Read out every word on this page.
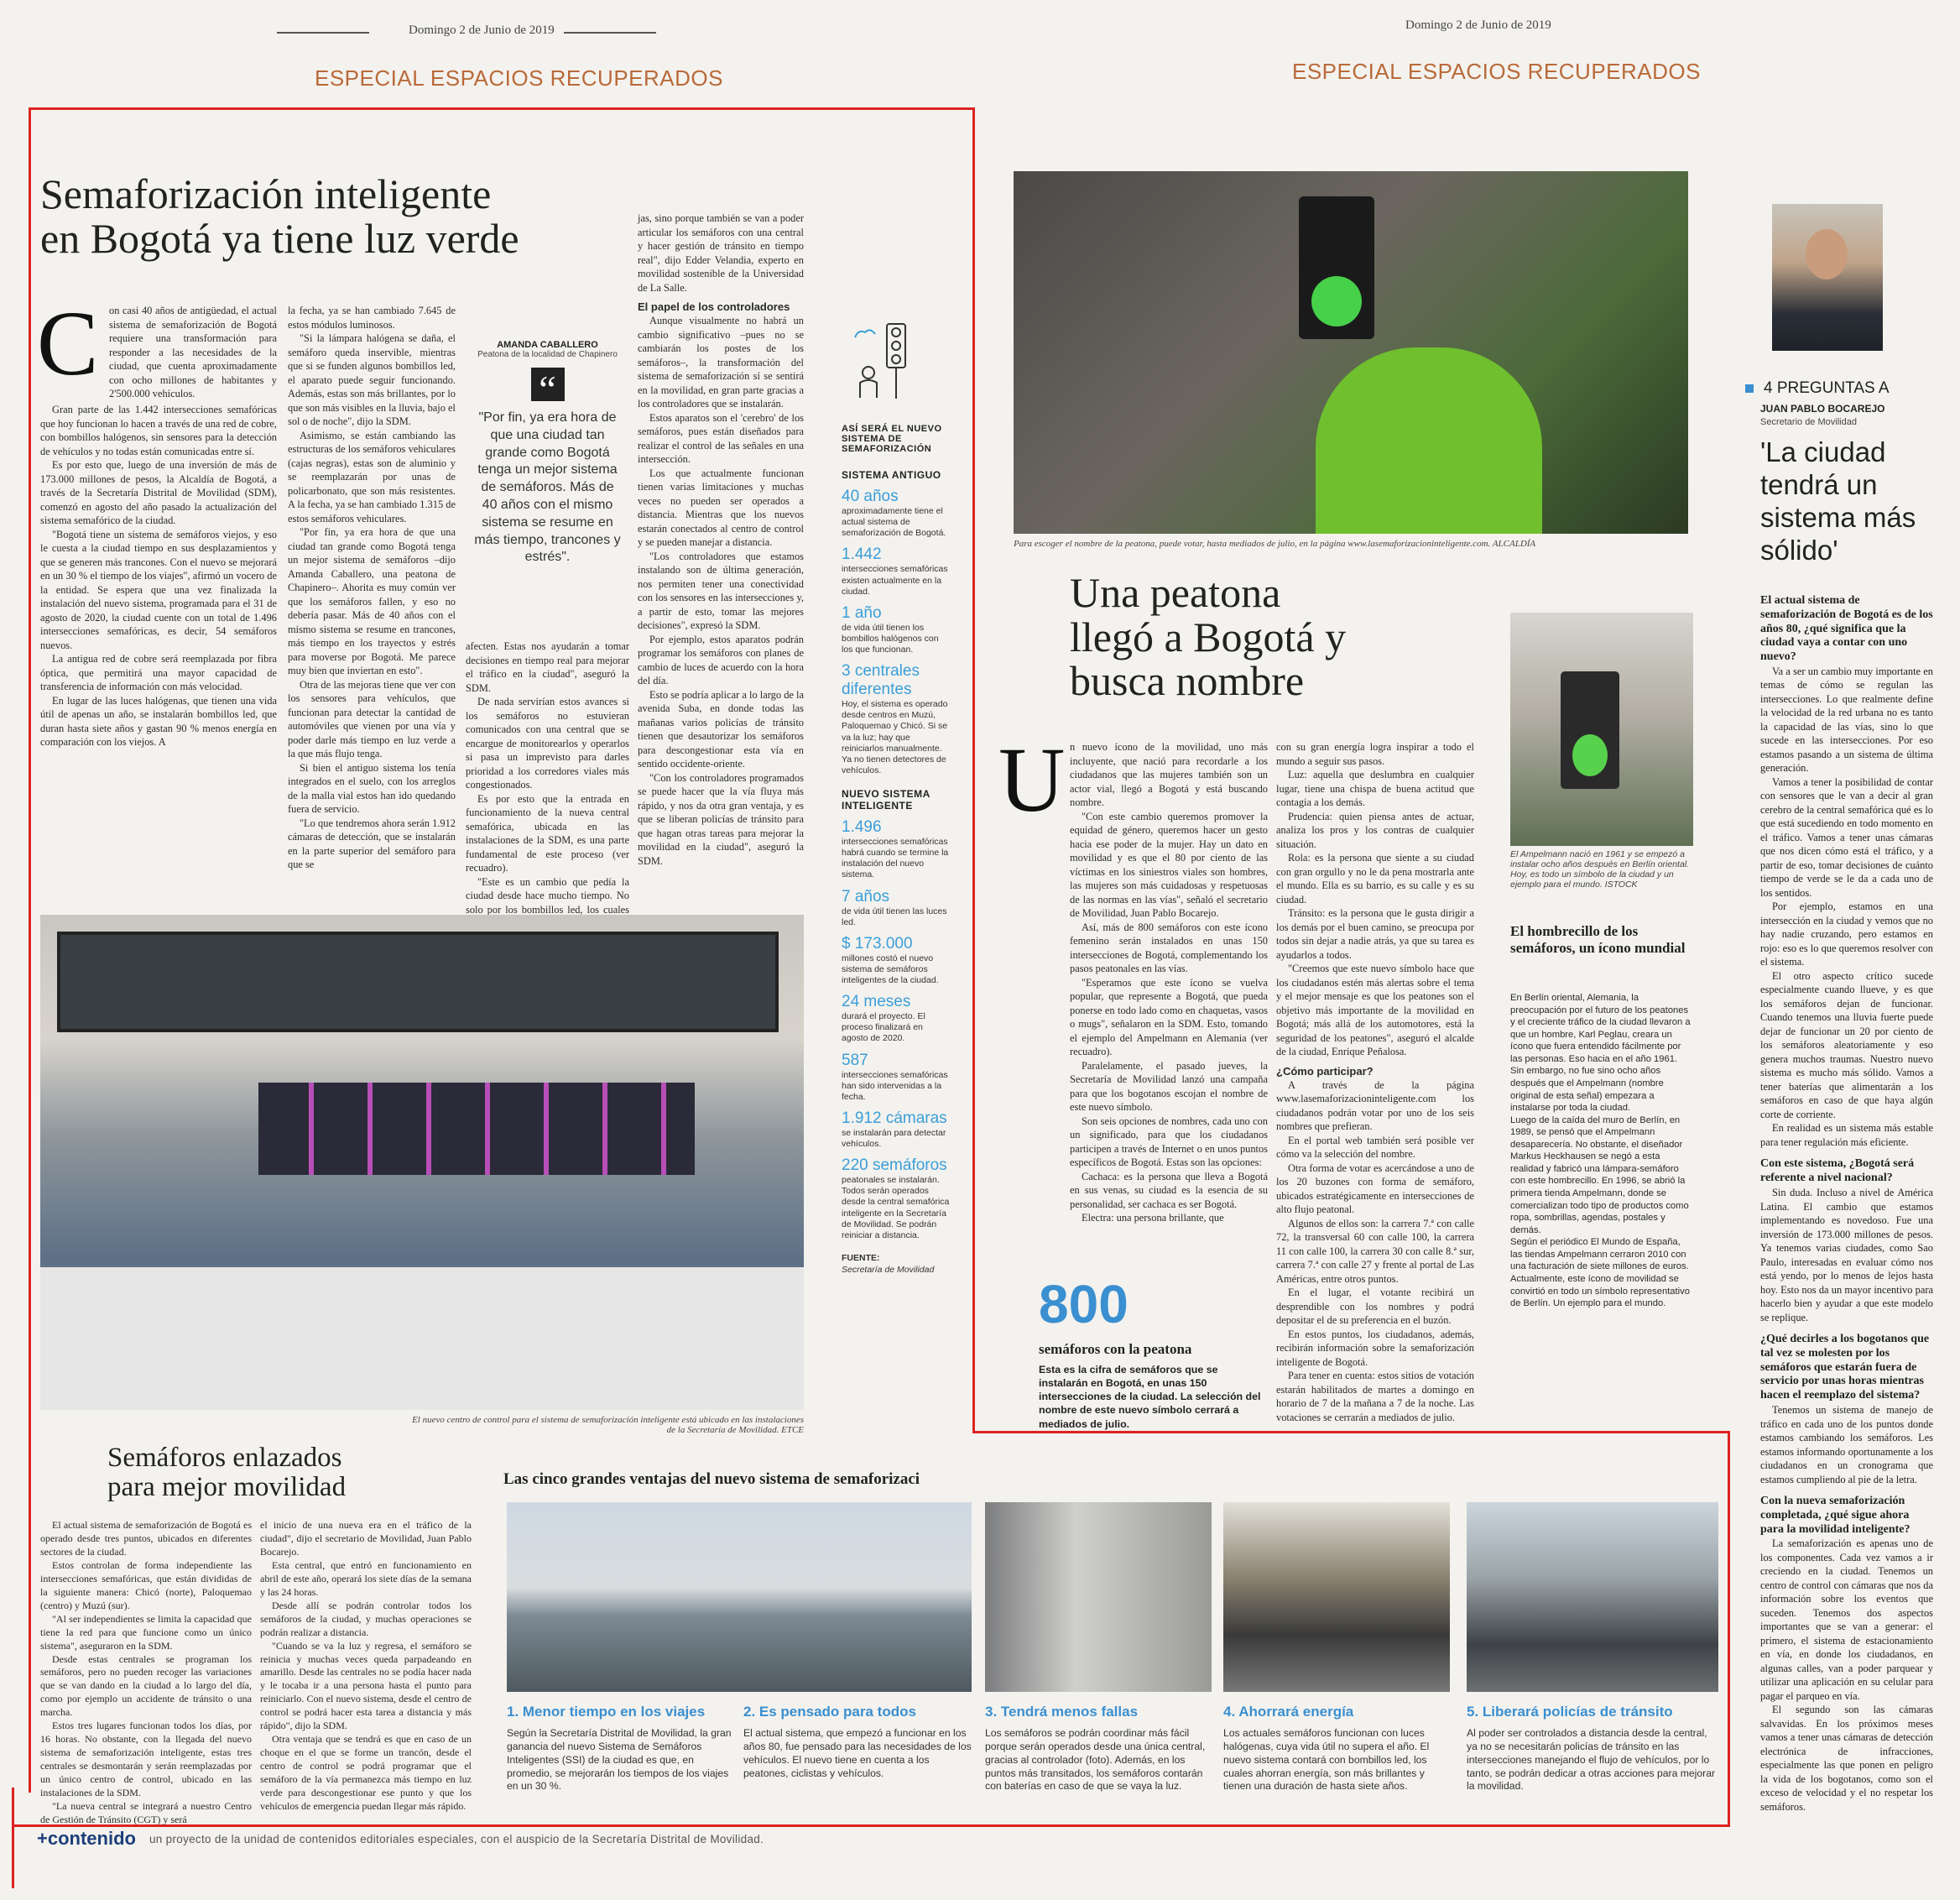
Domingo 2 de Junio de 2019
ESPECIAL ESPACIOS RECUPERADOS
Semaforización inteligente
en Bogotá ya tiene luz verde
C on casi 40 años de antigüedad, el actual sistema de semaforización de Bogotá requiere una transformación para responder a las necesidades de la ciudad, que cuenta aproximadamente con ocho millones de habitantes y 2'500.000 vehículos.

Gran parte de las 1.442 intersecciones semafóricas que hoy funcionan lo hacen a través de una red de cobre, con bombillos halógenos, sin sensores para la detección de vehículos y no todas están comunicadas entre sí.

Es por esto que, luego de una inversión de más de 173.000 millones de pesos, la Alcaldía de Bogotá, a través de la Secretaría Distrital de Movilidad (SDM), comenzó en agosto del año pasado la actualización del sistema semafórico de la ciudad.

"Bogotá tiene un sistema de semáforos viejos, y eso le cuesta a la ciudad tiempo en sus desplazamientos y que se generen más trancones. Con el nuevo se mejorará en un 30 % el tiempo de los viajes", afirmó un vocero de la entidad. Se espera que una vez finalizada la instalación del nuevo sistema, programada para el 31 de agosto de 2020, la ciudad cuente con un total de 1.496 intersecciones semafóricas, es decir, 54 semáforos nuevos.

La antigua red de cobre será reemplazada por fibra óptica, que permitirá una mayor capacidad de transferencia de información con más velocidad.

En lugar de las luces halógenas, que tienen una vida útil de apenas un año, se instalarán bombillos led, que duran hasta siete años y gastan 90 % menos energía en comparación con los viejos. A

la fecha, ya se han cambiado 7.645 de estos módulos luminosos.

"Si la lámpara halógena se daña, el semáforo queda inservible, mientras que si se funden algunos bombillos led, el aparato puede seguir funcionando. Además, estas son más brillantes, por lo que son más visibles en la lluvia, bajo el sol o de noche", dijo la SDM.

Asimismo, se están cambiando las estructuras de los semáforos vehiculares (cajas negras), estas son de aluminio y se reemplazarán por unas de policarbonato, que son más resistentes. A la fecha, ya se han cambiado 1.315 de estos semáforos vehiculares.

"Por fin, ya era hora de que una ciudad tan grande como Bogotá tenga un mejor sistema de semáforos –dijo Amanda Caballero, una peatona de Chapinero–. Ahorita es muy común ver que los semáforos fallen, y eso no debería pasar. Más de 40 años con el mismo sistema se resume en trancones, más tiempo en los trayectos y estrés para moverse por Bogotá. Me parece muy bien que inviertan en esto".

Otra de las mejoras tiene que ver con los sensores para vehículos, que funcionan para detectar la cantidad de automóviles que vienen por una vía y poder darle más tiempo en luz verde a la que más flujo tenga.

Si bien el antiguo sistema los tenía integrados en el suelo, con los arreglos de la malla vial estos han ido quedando fuera de servicio.

"Lo que tendremos ahora serán 1.912 cámaras de detección, que se instalarán en la parte superior del semáforo para que se

AMANDA CABALLERO
Peatona de la localidad de Chapinero
“
"Por fin, ya era hora de que una ciudad tan grande como Bogotá tenga un mejor sistema de semáforos. Más de 40 años con el mismo sistema se resume en más tiempo, trancones y estrés".

afecten. Estas nos ayudarán a tomar decisiones en tiempo real para mejorar el tráfico en la ciudad", aseguró la SDM.

De nada servirían estos avances si los semáforos no estuvieran comunicados con una central que se encargue de monitorearlos y operarlos si pasa un imprevisto para darles prioridad a los corredores viales más congestionados.

Es por esto que la entrada en funcionamiento de la nueva central semafórica, ubicada en las instalaciones de la SDM, es una parte fundamental de este proceso (ver recuadro).

"Este es un cambio que pedía la ciudad desde hace mucho tiempo. No solo por los bombillos led, los cuales

jas, sino porque también se van a poder articular los semáforos con una central y hacer gestión de tránsito en tiempo real", dijo Edder Velandia, experto en movilidad sostenible de la Universidad de La Salle.

El papel de los controladores

Aunque visualmente no habrá un cambio significativo –pues no se cambiarán los postes de los semáforos–, la transformación del sistema de semaforización sí se sentirá en la movilidad, en gran parte gracias a los controladores que se instalarán.

Estos aparatos son el 'cerebro' de los semáforos, pues están diseñados para realizar el control de las señales en una intersección.

Los que actualmente funcionan tienen varias limitaciones y muchas veces no pueden ser operados a distancia. Mientras que los nuevos estarán conectados al centro de control y se pueden manejar a distancia.

"Los controladores que estamos instalando son de última generación, nos permiten tener una conectividad con los sensores en las intersecciones y, a partir de esto, tomar las mejores decisiones", expresó la SDM.

Por ejemplo, estos aparatos podrán programar los semáforos con planes de cambio de luces de acuerdo con la hora del día.

Esto se podría aplicar a lo largo de la avenida Suba, en donde todas las mañanas varios policías de tránsito tienen que desautorizar los semáforos para descongestionar esta vía en sentido occidente-oriente.

"Con los controladores programados se puede hacer que la vía fluya más rápido, y nos da otra gran ventaja, y es que se liberan policías de tránsito para que hagan otras tareas para mejorar la movilidad en la ciudad", aseguró la SDM.

El nuevo centro de control para el sistema de semaforización inteligente está ubicado en las instalaciones de la Secretaría de Movilidad. ETCE
ASÍ SERÁ EL NUEVO SISTEMA DE SEMAFORIZACIÓN
SISTEMA ANTIGUO
40 años
aproximadamente tiene el actual sistema de semaforización de Bogotá.
1.442
intersecciones semafóricas existen actualmente en la ciudad.
1 año
de vida útil tienen los bombillos halógenos con los que funcionan.
3 centrales diferentes
Hoy, el sistema es operado desde centros en Muzú, Paloquemao y Chicó. Si se va la luz; hay que reiniciarlos manualmente. Ya no tienen detectores de vehículos.
NUEVO SISTEMA INTELIGENTE
1.496
intersecciones semafóricas habrá cuando se termine la instalación del nuevo sistema.
7 años
de vida útil tienen las luces led.
$ 173.000
millones costó el nuevo sistema de semáforos inteligentes de la ciudad.
24 meses
durará el proyecto. El proceso finalizará en agosto de 2020.
587
intersecciones semafóricas han sido intervenidas a la fecha.
1.912 cámaras
se instalarán para detectar vehículos.
220 semáforos
peatonales se instalarán. Todos serán operados desde la central semafórica inteligente en la Secretaría de Movilidad. Se podrán reiniciar a distancia.
FUENTE:
Secretaría de Movilidad
Semáforos enlazados
para mejor movilidad

El actual sistema de semaforización de Bogotá es operado desde tres puntos, ubicados en diferentes sectores de la ciudad.

Estos controlan de forma independiente las intersecciones semafóricas, que están divididas de la siguiente manera: Chicó (norte), Paloquemao (centro) y Muzú (sur).

"Al ser independientes se limita la capacidad que tiene la red para que funcione como un único sistema", aseguraron en la SDM.

Desde estas centrales se programan los semáforos, pero no pueden recoger las variaciones que se van dando en la ciudad a lo largo del día, como por ejemplo un accidente de tránsito o una marcha.

Estos tres lugares funcionan todos los días, por 16 horas. No obstante, con la llegada del nuevo sistema de semaforización inteligente, estas tres centrales se desmontarán y serán reemplazadas por un único centro de control, ubicado en las instalaciones de la SDM.

"La nueva central se integrará a nuestro Centro de Gestión de Tránsito (CGT) y será

el inicio de una nueva era en el tráfico de la ciudad", dijo el secretario de Movilidad, Juan Pablo Bocarejo.

Esta central, que entró en funcionamiento en abril de este año, operará los siete días de la semana y las 24 horas.

Desde allí se podrán controlar todos los semáforos de la ciudad, y muchas operaciones se podrán realizar a distancia.

"Cuando se va la luz y regresa, el semáforo se reinicia y muchas veces queda parpadeando en amarillo. Desde las centrales no se podía hacer nada y le tocaba ir a una persona hasta el punto para reiniciarlo. Con el nuevo sistema, desde el centro de control se podrá hacer esta tarea a distancia y más rápido", dijo la SDM.

Otra ventaja que se tendrá es que en caso de un choque en el que se forme un trancón, desde el centro de control se podrá programar que el semáforo de la vía permanezca más tiempo en luz verde para descongestionar ese punto y que los vehículos de emergencia puedan llegar más rápido.

+contenido un proyecto de la unidad de contenidos editoriales especiales, con el auspicio de la Secretaría Distrital de Movilidad.
Las cinco grandes ventajas del nuevo sistema de semaforizaci
1. Menor tiempo en los viajes
Según la Secretaría Distrital de Movilidad, la gran ganancia del nuevo Sistema de Semáforos Inteligentes (SSI) de la ciudad es que, en promedio, se mejorarán los tiempos de los viajes en un 30 %.
2. Es pensado para todos
El actual sistema, que empezó a funcionar en los años 80, fue pensado para las necesidades de los vehículos. El nuevo tiene en cuenta a los peatones, ciclistas y vehículos.
3. Tendrá menos fallas
Los semáforos se podrán coordinar más fácil porque serán operados desde una única central, gracias al controlador (foto). Además, en los puntos más transitados, los semáforos contarán con baterías en caso de que se vaya la luz.
4. Ahorrará energía
Los actuales semáforos funcionan con luces halógenas, cuya vida útil no supera el año. El nuevo sistema contará con bombillos led, los cuales ahorran energía, son más brillantes y tienen una duración de hasta siete años.
5. Liberará policías de tránsito
Al poder ser controlados a distancia desde la central, ya no se necesitarán policías de tránsito en las intersecciones manejando el flujo de vehículos, por lo tanto, se podrán dedicar a otras acciones para mejorar la movilidad.
Domingo 2 de Junio de 2019
ESPECIAL ESPACIOS RECUPERADOS
Para escoger el nombre de la peatona, puede votar, hasta mediados de julio, en la página www.lasemaforizacioninteligente.com. ALCALDÍA
Una peatona
llegó a Bogotá y
busca nombre
U n nuevo ícono de la movilidad, uno más incluyente, que nació para recordarle a los ciudadanos que las mujeres también son un actor vial, llegó a Bogotá y está buscando nombre.

"Con este cambio queremos promover la equidad de género, queremos hacer un gesto hacia ese poder de la mujer. Hay un dato en movilidad y es que el 80 por ciento de las víctimas en los siniestros viales son hombres, las mujeres son más cuidadosas y respetuosas de las normas en las vías", señaló el secretario de Movilidad, Juan Pablo Bocarejo.

Así, más de 800 semáforos con este ícono femenino serán instalados en unas 150 intersecciones de Bogotá, complementando los pasos peatonales en las vías.

"Esperamos que este ícono se vuelva popular, que represente a Bogotá, que pueda ponerse en todo lado como en chaquetas, vasos o mugs", señalaron en la SDM. Esto, tomando el ejemplo del Ampelmann en Alemania (ver recuadro).

Paralelamente, el pasado jueves, la Secretaría de Movilidad lanzó una campaña para que los bogotanos escojan el nombre de este nuevo símbolo.

Son seis opciones de nombres, cada uno con un significado, para que los ciudadanos participen a través de Internet o en unos puntos específicos de Bogotá. Estas son las opciones:

Cachaca: es la persona que lleva a Bogotá en sus venas, su ciudad es la esencia de su personalidad, ser cachaca es ser Bogotá.

Electra: una persona brillante, que

con su gran energía logra inspirar a todo el mundo a seguir sus pasos.

Luz: aquella que deslumbra en cualquier lugar, tiene una chispa de buena actitud que contagia a los demás.

Prudencia: quien piensa antes de actuar, analiza los pros y los contras de cualquier situación.

Rola: es la persona que siente a su ciudad con gran orgullo y no le da pena mostrarla ante el mundo. Ella es su barrio, es su calle y es su ciudad.

Tránsito: es la persona que le gusta dirigir a los demás por el buen camino, se preocupa por todos sin dejar a nadie atrás, ya que su tarea es ayudarlos a todos.

"Creemos que este nuevo símbolo hace que los ciudadanos estén más alertas sobre el tema y el mejor mensaje es que los peatones son el objetivo más importante de la movilidad en Bogotá; más allá de los automotores, está la seguridad de los peatones", aseguró el alcalde de la ciudad, Enrique Peñalosa.

¿Cómo participar?

A través de la página www.lasemaforizacioninteligente.com los ciudadanos podrán votar por uno de los seis nombres que prefieran.

En el portal web también será posible ver cómo va la selección del nombre.

Otra forma de votar es acercándose a uno de los 20 buzones con forma de semáforo, ubicados estratégicamente en intersecciones de alto flujo peatonal.

Algunos de ellos son: la carrera 7.ª con calle 72, la transversal 60 con calle 100, la carrera 11 con calle 100, la carrera 30 con calle 8.ª sur, carrera 7.ª con calle 27 y frente al portal de Las Américas, entre otros puntos.

En el lugar, el votante recibirá un desprendible con los nombres y podrá depositar el de su preferencia en el buzón.

En estos puntos, los ciudadanos, además, recibirán información sobre la semaforización inteligente de Bogotá.

Para tener en cuenta: estos sitios de votación estarán habilitados de martes a domingo en horario de 7 de la mañana a 7 de la noche. Las votaciones se cerrarán a mediados de julio.

800
semáforos con la peatona
Esta es la cifra de semáforos que se instalarán en Bogotá, en unas 150 intersecciones de la ciudad. La selección del nombre de este nuevo símbolo cerrará a mediados de julio.
El Ampelmann nació en 1961 y se empezó a instalar ocho años después en Berlín oriental. Hoy, es todo un símbolo de la ciudad y un ejemplo para el mundo. ISTOCK
El hombrecillo de los semáforos, un ícono mundial

En Berlín oriental, Alemania, la preocupación por el futuro de los peatones y el creciente tráfico de la ciudad llevaron a que un hombre, Karl Peglau, creara un ícono que fuera entendido fácilmente por las personas. Eso hacia en el año 1961. Sin embargo, no fue sino ocho años después que el Ampelmann (nombre original de esta señal) empezara a instalarse por toda la ciudad.

Luego de la caída del muro de Berlín, en 1989, se pensó que el Ampelmann desaparecería. No obstante, el diseñador Markus Heckhausen se negó a esta realidad y fabricó una lámpara-semáforo con este hombrecillo. En 1996, se abrió la primera tienda Ampelmann, donde se comercializan todo tipo de productos como ropa, sombrillas, agendas, postales y demás.

Según el periódico El Mundo de España, las tiendas Ampelmann cerraron 2010 con una facturación de siete millones de euros.

Actualmente, este ícono de movilidad se convirtió en todo un símbolo representativo de Berlín. Un ejemplo para el mundo.

4 PREGUNTAS A
JUAN PABLO BOCAREJO
Secretario de Movilidad
'La ciudad tendrá un sistema más sólido'
El actual sistema de semaforización de Bogotá es de los años 80, ¿qué significa que la ciudad vaya a contar con uno nuevo?

Va a ser un cambio muy importante en temas de cómo se regulan las intersecciones. Lo que realmente define la velocidad de la red urbana no es tanto la capacidad de las vías, sino lo que sucede en las intersecciones. Por eso estamos pasando a un sistema de última generación.

Vamos a tener la posibilidad de contar con sensores que le van a decir al gran cerebro de la central semafórica qué es lo que está sucediendo en todo momento en el tráfico. Vamos a tener unas cámaras que nos dicen cómo está el tráfico, y a partir de eso, tomar decisiones de cuánto tiempo de verde se le da a cada uno de los sentidos.

Por ejemplo, estamos en una intersección en la ciudad y vemos que no hay nadie cruzando, pero estamos en rojo: eso es lo que queremos resolver con el sistema.

El otro aspecto crítico sucede especialmente cuando llueve, y es que los semáforos dejan de funcionar. Cuando tenemos una lluvia fuerte puede dejar de funcionar un 20 por ciento de los semáforos aleatoriamente y eso genera muchos traumas. Nuestro nuevo sistema es mucho más sólido. Vamos a tener baterías que alimentarán a los semáforos en caso de que haya algún corte de corriente.

En realidad es un sistema más estable para tener regulación más eficiente.

Con este sistema, ¿Bogotá será referente a nivel nacional?

Sin duda. Incluso a nivel de América Latina. El cambio que estamos implementando es novedoso. Fue una inversión de 173.000 millones de pesos. Ya tenemos varias ciudades, como Sao Paulo, interesadas en evaluar cómo nos está yendo, por lo menos de lejos hasta hoy. Esto nos da un mayor incentivo para hacerlo bien y ayudar a que este modelo se replique.

¿Qué decirles a los bogotanos que tal vez se molesten por los semáforos que estarán fuera de servicio por unas horas mientras hacen el reemplazo del sistema?

Tenemos un sistema de manejo de tráfico en cada uno de los puntos donde estamos cambiando los semáforos. Les estamos informando oportunamente a los ciudadanos en un cronograma que estamos cumpliendo al pie de la letra.

Con la nueva semaforización completada, ¿qué sigue ahora para la movilidad inteligente?

La semaforización es apenas uno de los componentes. Cada vez vamos a ir creciendo en la ciudad. Tenemos un centro de control con cámaras que nos da información sobre los eventos que suceden. Tenemos dos aspectos importantes que se van a generar: el primero, el sistema de estacionamiento en vía, en donde los ciudadanos, en algunas calles, van a poder parquear y utilizar una aplicación en su celular para pagar el parqueo en vía.

El segundo son las cámaras salvavidas. En los próximos meses vamos a tener unas cámaras de detección electrónica de infracciones, especialmente las que ponen en peligro la vida de los bogotanos, como son el exceso de velocidad y el no respetar los semáforos.
